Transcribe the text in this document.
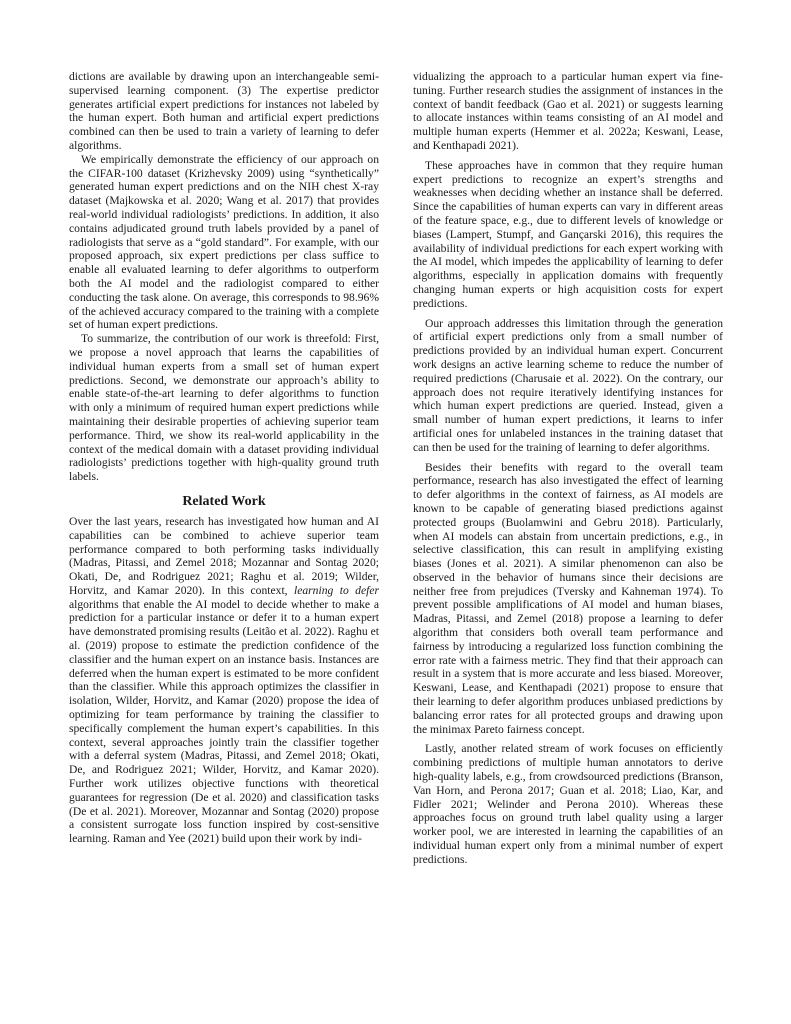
dictions are available by drawing upon an interchangeable semi-supervised learning component. (3) The expertise predictor generates artificial expert predictions for instances not labeled by the human expert. Both human and artificial expert predictions combined can then be used to train a variety of learning to defer algorithms.

We empirically demonstrate the efficiency of our approach on the CIFAR-100 dataset (Krizhevsky 2009) using “synthetically” generated human expert predictions and on the NIH chest X-ray dataset (Majkowska et al. 2020; Wang et al. 2017) that provides real-world individual radiologists’ predictions. In addition, it also contains adjudicated ground truth labels provided by a panel of radiologists that serve as a “gold standard”. For example, with our proposed approach, six expert predictions per class suffice to enable all evaluated learning to defer algorithms to outperform both the AI model and the radiologist compared to either conducting the task alone. On average, this corresponds to 98.96% of the achieved accuracy compared to the training with a complete set of human expert predictions.

To summarize, the contribution of our work is threefold: First, we propose a novel approach that learns the capabilities of individual human experts from a small set of human expert predictions. Second, we demonstrate our approach’s ability to enable state-of-the-art learning to defer algorithms to function with only a minimum of required human expert predictions while maintaining their desirable properties of achieving superior team performance. Third, we show its real-world applicability in the context of the medical domain with a dataset providing individual radiologists’ predictions together with high-quality ground truth labels.

Related Work

Over the last years, research has investigated how human and AI capabilities can be combined to achieve superior team performance compared to both performing tasks individually (Madras, Pitassi, and Zemel 2018; Mozannar and Sontag 2020; Okati, De, and Rodriguez 2021; Raghu et al. 2019; Wilder, Horvitz, and Kamar 2020). In this context, learning to defer algorithms that enable the AI model to decide whether to make a prediction for a particular instance or defer it to a human expert have demonstrated promising results (Leitão et al. 2022). Raghu et al. (2019) propose to estimate the prediction confidence of the classifier and the human expert on an instance basis. Instances are deferred when the human expert is estimated to be more confident than the classifier. While this approach optimizes the classifier in isolation, Wilder, Horvitz, and Kamar (2020) propose the idea of optimizing for team performance by training the classifier to specifically complement the human expert’s capabilities. In this context, several approaches jointly train the classifier together with a deferral system (Madras, Pitassi, and Zemel 2018; Okati, De, and Rodriguez 2021; Wilder, Horvitz, and Kamar 2020). Further work utilizes objective functions with theoretical guarantees for regression (De et al. 2020) and classification tasks (De et al. 2021). Moreover, Mozannar and Sontag (2020) propose a consistent surrogate loss function inspired by cost-sensitive learning. Raman and Yee (2021) build upon their work by indi-

vidualizing the approach to a particular human expert via fine-tuning. Further research studies the assignment of instances in the context of bandit feedback (Gao et al. 2021) or suggests learning to allocate instances within teams consisting of an AI model and multiple human experts (Hemmer et al. 2022a; Keswani, Lease, and Kenthapadi 2021).

These approaches have in common that they require human expert predictions to recognize an expert’s strengths and weaknesses when deciding whether an instance shall be deferred. Since the capabilities of human experts can vary in different areas of the feature space, e.g., due to different levels of knowledge or biases (Lampert, Stumpf, and Gançarski 2016), this requires the availability of individual predictions for each expert working with the AI model, which impedes the applicability of learning to defer algorithms, especially in application domains with frequently changing human experts or high acquisition costs for expert predictions.

Our approach addresses this limitation through the generation of artificial expert predictions only from a small number of predictions provided by an individual human expert. Concurrent work designs an active learning scheme to reduce the number of required predictions (Charusaie et al. 2022). On the contrary, our approach does not require iteratively identifying instances for which human expert predictions are queried. Instead, given a small number of human expert predictions, it learns to infer artificial ones for unlabeled instances in the training dataset that can then be used for the training of learning to defer algorithms.

Besides their benefits with regard to the overall team performance, research has also investigated the effect of learning to defer algorithms in the context of fairness, as AI models are known to be capable of generating biased predictions against protected groups (Buolamwini and Gebru 2018). Particularly, when AI models can abstain from uncertain predictions, e.g., in selective classification, this can result in amplifying existing biases (Jones et al. 2021). A similar phenomenon can also be observed in the behavior of humans since their decisions are neither free from prejudices (Tversky and Kahneman 1974). To prevent possible amplifications of AI model and human biases, Madras, Pitassi, and Zemel (2018) propose a learning to defer algorithm that considers both overall team performance and fairness by introducing a regularized loss function combining the error rate with a fairness metric. They find that their approach can result in a system that is more accurate and less biased. Moreover, Keswani, Lease, and Kenthapadi (2021) propose to ensure that their learning to defer algorithm produces unbiased predictions by balancing error rates for all protected groups and drawing upon the minimax Pareto fairness concept.

Lastly, another related stream of work focuses on efficiently combining predictions of multiple human annotators to derive high-quality labels, e.g., from crowdsourced predictions (Branson, Van Horn, and Perona 2017; Guan et al. 2018; Liao, Kar, and Fidler 2021; Welinder and Perona 2010). Whereas these approaches focus on ground truth label quality using a larger worker pool, we are interested in learning the capabilities of an individual human expert only from a minimal number of expert predictions.
